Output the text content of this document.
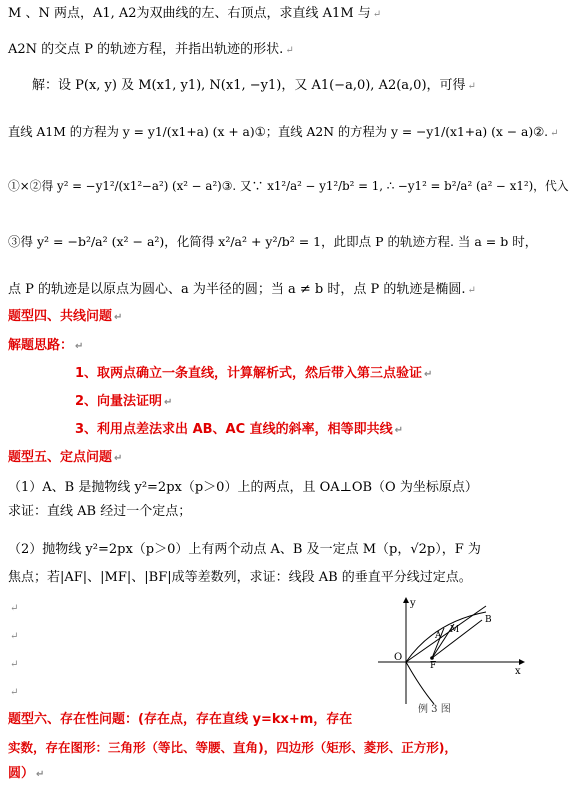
M 、N 两点，A1, A2为双曲线的左、右顶点，求直线 A1M 与 ↵
A2N 的交点 P 的轨迹方程，并指出轨迹的形状. ↵
解：设 P(x, y) 及 M(x1, y1), N(x1, −y1)，又 A1(−a,0), A2(a,0)，可得 ↵
直线 A1M 的方程为 y = y1/(x1+a) (x + a)①；直线 A2N 的方程为 y = −y1/(x1+a) (x − a)②. ↵
①×②得 y² = −y1²/(x1²−a²) (x² − a²)③. 又∵ x1²/a² − y1²/b² = 1, ∴ −y1² = b²/a² (a² − x1²)，代入
③得 y² = −b²/a² (x² − a²)，化简得 x²/a² + y²/b² = 1，此即点 P 的轨迹方程. 当 a = b 时，
点 P 的轨迹是以原点为圆心、a 为半径的圆；当 a ≠ b 时，点 P 的轨迹是椭圆. ↵
题型四、共线问题 ↵
解题思路： ↵
1、取两点确立一条直线，计算解析式，然后带入第三点验证 ↵
2、向量法证明 ↵
3、利用点差法求出 AB、AC 直线的斜率，相等即共线 ↵
题型五、定点问题 ↵
（1）A、B 是抛物线 y²=2px（p＞0）上的两点，且 OA⊥OB（O 为坐标原点）
求证：直线 AB 经过一个定点；
（2）抛物线 y²=2px（p＞0）上有两个动点 A、B 及一定点 M（p，√2p），F 为
焦点；若|AF|、|MF|、|BF|成等差数列，求证：线段 AB 的垂直平分线过定点。
↵
↵
↵
↵
y
x
O
A
M
B
F
例 3 图
题型六、存在性问题：(存在点，存在直线 y=kx+m，存在
实数，存在图形：三角形（等比、等腰、直角)，四边形（矩形、菱形、正方形)，
圆） ↵
